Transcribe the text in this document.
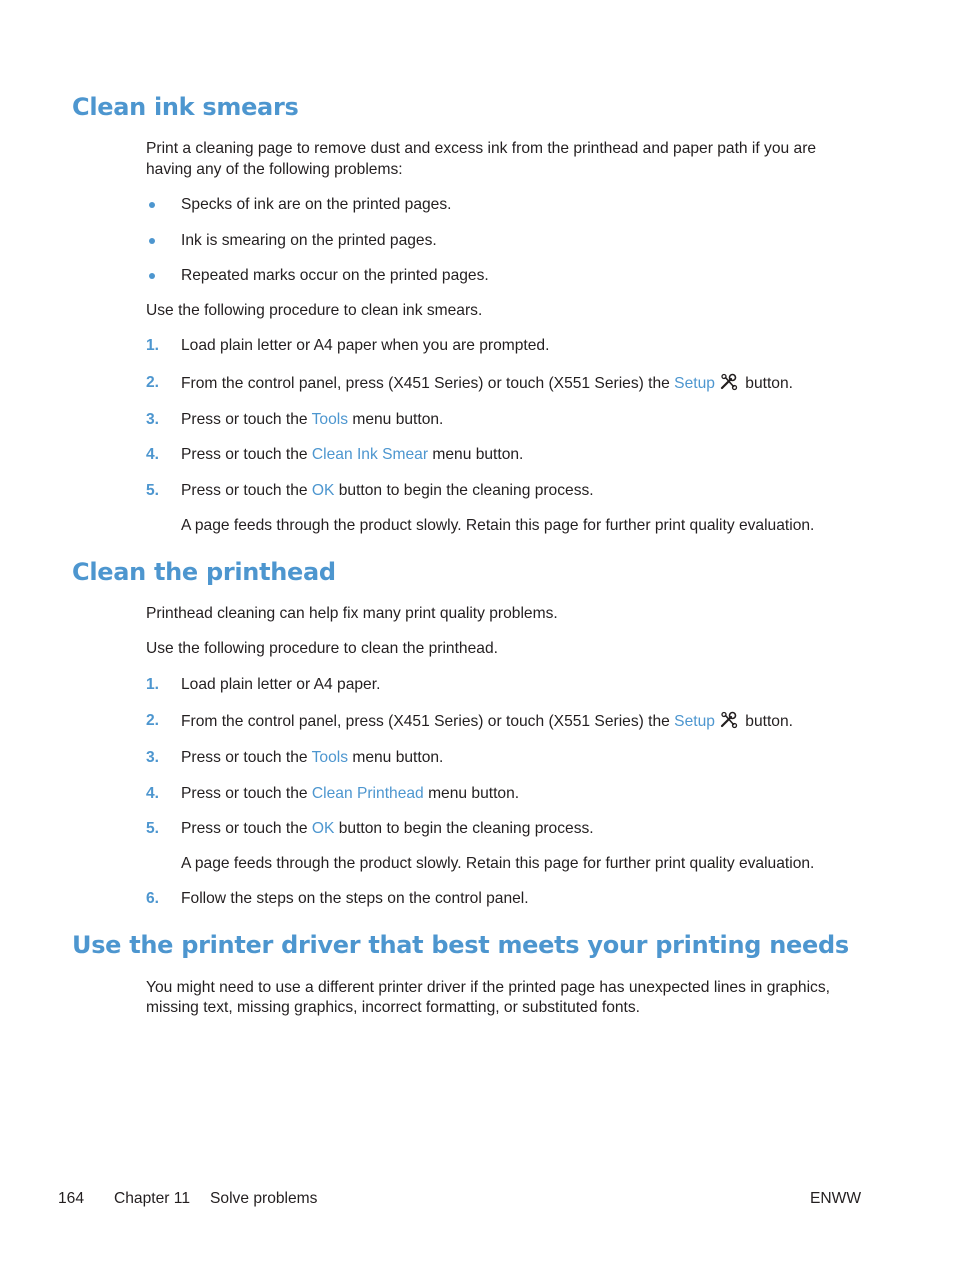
Clean ink smears

Print a cleaning page to remove dust and excess ink from the printhead and paper path if you are

having any of the following problems:

Specks of ink are on the printed pages.
Ink is smearing on the printed pages.
Repeated marks occur on the printed pages.

Use the following procedure to clean ink smears.

1. Load plain letter or A4 paper when you are prompted.
2. From the control panel, press (X451 Series) or touch (X551 Series) the Setup button.
3. Press or touch the Tools menu button.
4. Press or touch the Clean Ink Smear menu button.
5. Press or touch the OK button to begin the cleaning process.

A page feeds through the product slowly. Retain this page for further print quality evaluation.

Clean the printhead

Printhead cleaning can help fix many print quality problems.

Use the following procedure to clean the printhead.

1. Load plain letter or A4 paper.
2. From the control panel, press (X451 Series) or touch (X551 Series) the Setup button.
3. Press or touch the Tools menu button.
4. Press or touch the Clean Printhead menu button.
5. Press or touch the OK button to begin the cleaning process.

A page feeds through the product slowly. Retain this page for further print quality evaluation.

6. Follow the steps on the steps on the control panel.
Use the printer driver that best meets your printing needs

You might need to use a different printer driver if the printed page has unexpected lines in graphics,

missing text, missing graphics, incorrect formatting, or substituted fonts.

164 Chapter 11 Solve problems	ENWW
